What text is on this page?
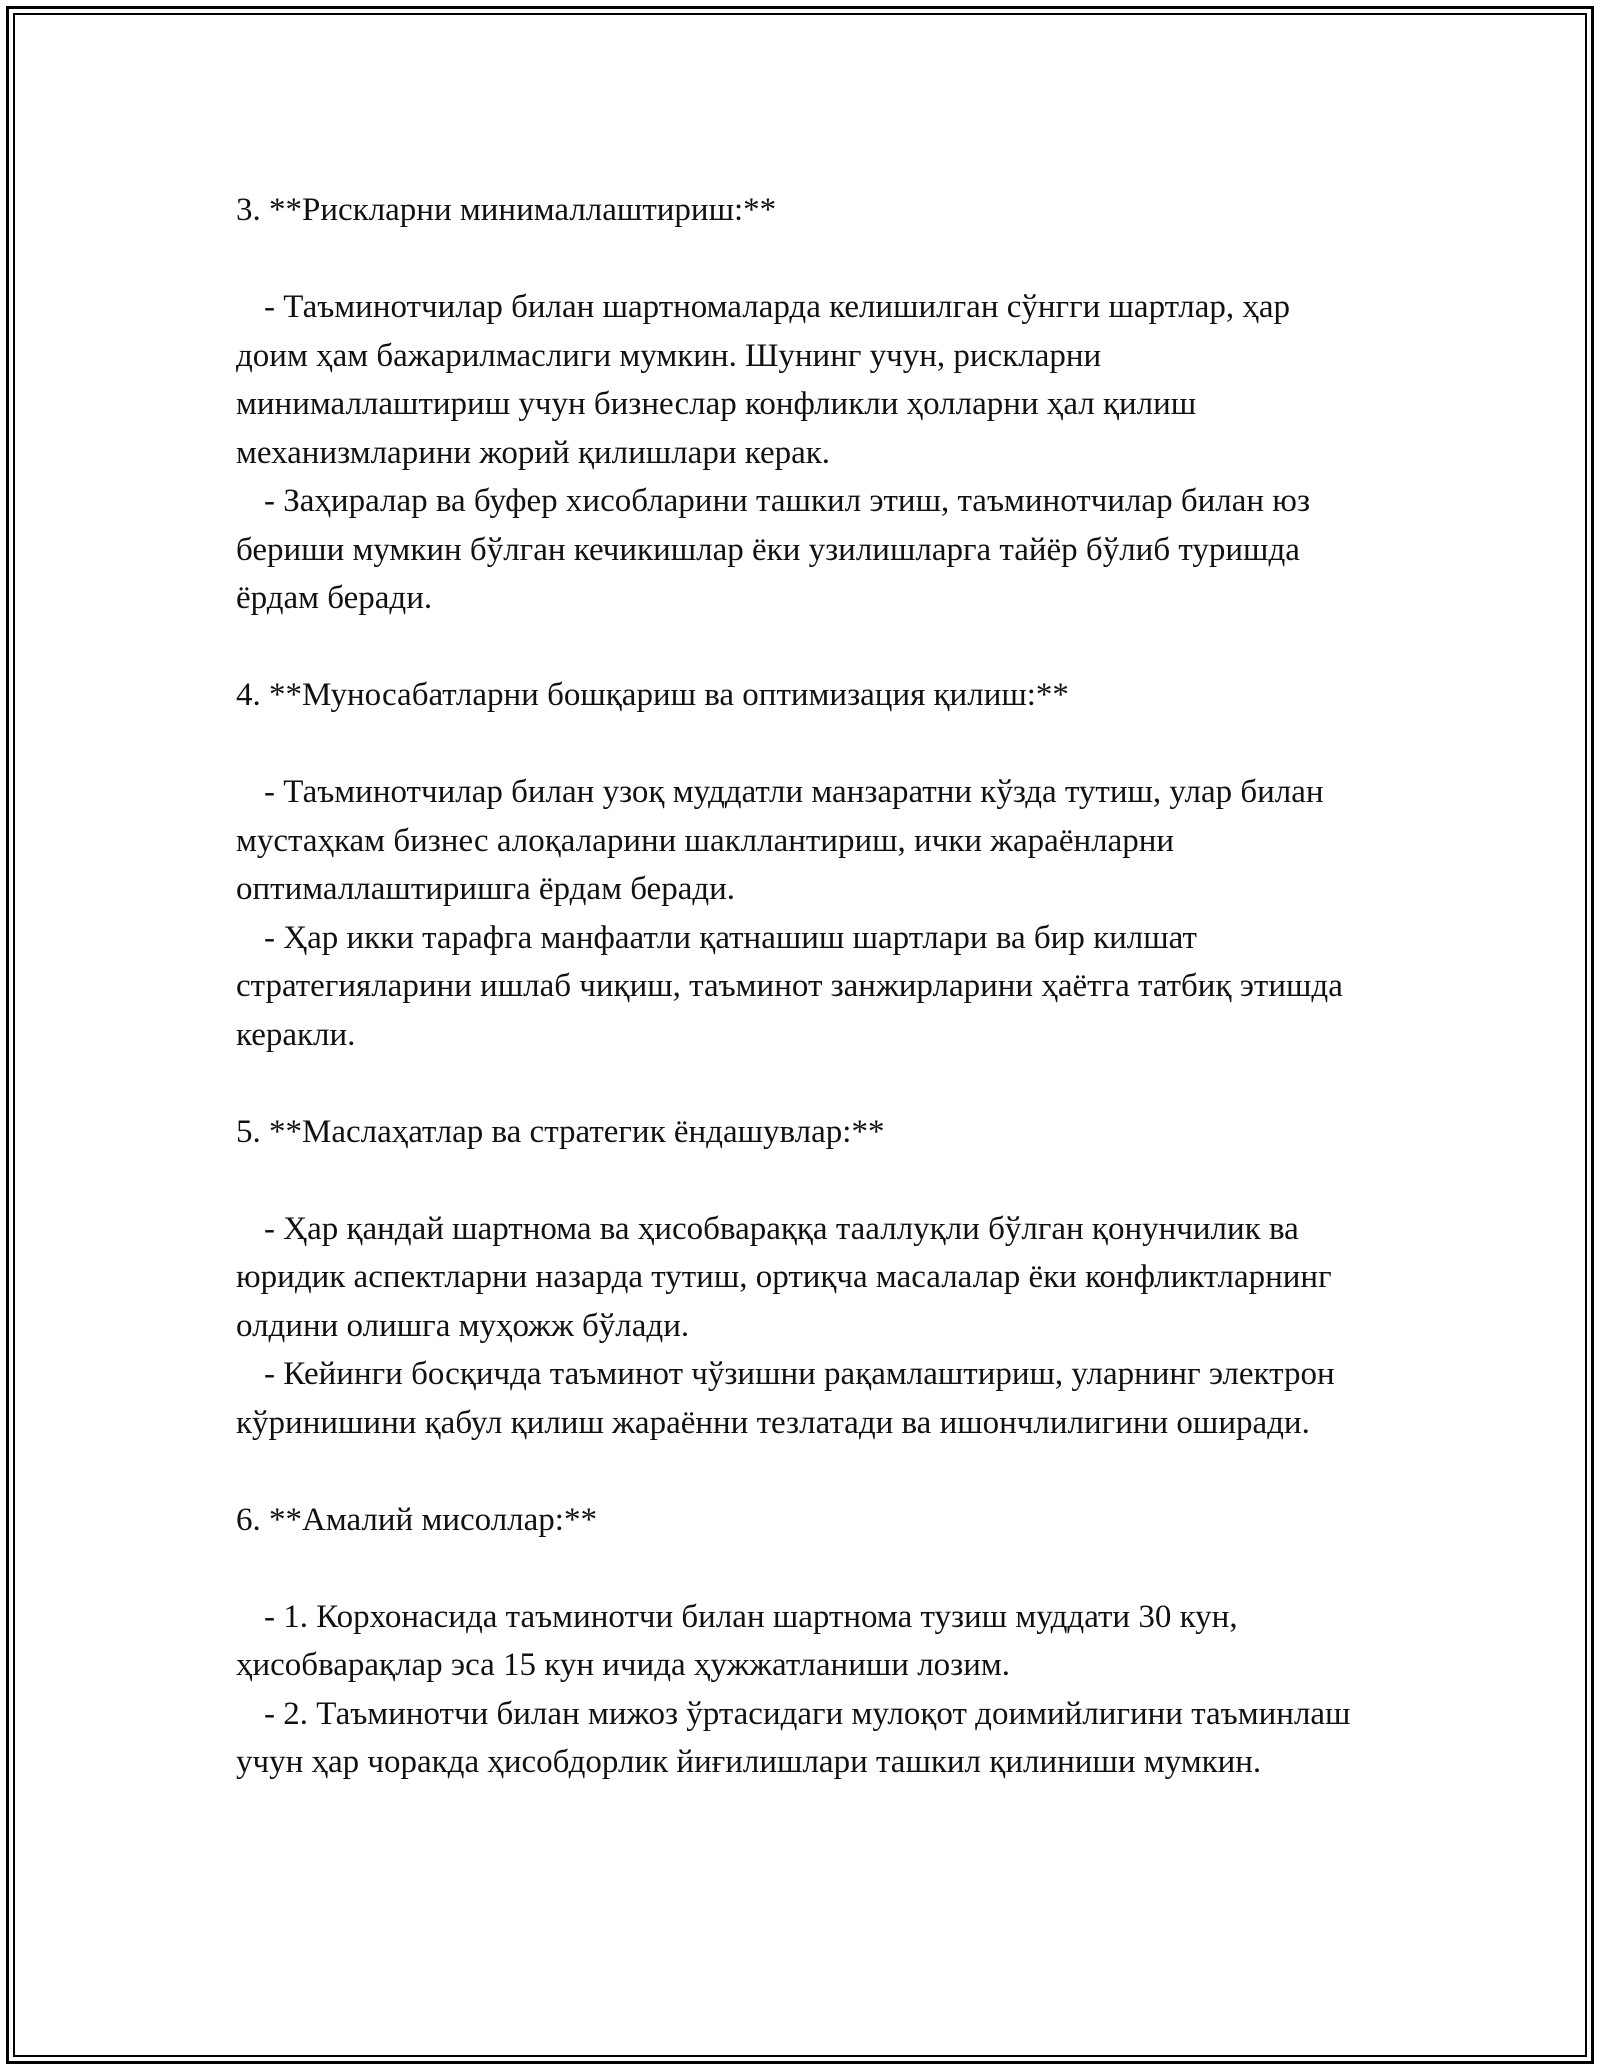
3. **Рискларни минималлаштириш:**

- Таъминотчилар билан шартномаларда келишилган сўнгги шартлар, ҳар доим ҳам бажарилмаслиги мумкин. Шунинг учун, рискларни минималлаштириш учун бизнеслар конфликли ҳолларни ҳал қилиш механизмларини жорий қилишлари керак.

- Заҳиралар ва буфер хисобларини ташкил этиш, таъминотчилар билан юз бериши мумкин бўлган кечикишлар ёки узилишларга тайёр бўлиб туришда ёрдам беради.

4. **Муносабатларни бошқариш ва оптимизация қилиш:**

- Таъминотчилар билан узоқ муддатли манзаратни кўзда тутиш, улар билан мустаҳкам бизнес алоқаларини шакллантириш, ички жараёнларни оптималлаштиришга ёрдам беради.

- Ҳар икки тарафга манфаатли қатнашиш шартлари ва бир килшат стратегияларини ишлаб чиқиш, таъминот занжирларини ҳаётга татбиқ этишда керакли.

5. **Маслаҳатлар ва стратегик ёндашувлар:**

- Ҳар қандай шартнома ва ҳисобвараққа тааллуқли бўлган қонунчилик ва юридик аспектларни назарда тутиш, ортиқча масалалар ёки конфликтларнинг олдини олишга муҳожж бўлади.

- Кейинги босқичда таъминот чўзишни рақамлаштириш, уларнинг электрон кўринишини қабул қилиш жараённи тезлатади ва ишончлилигини оширади.

6. **Амалий мисоллар:**

- 1. Корхонасида таъминотчи билан шартнома тузиш муддати 30 кун, ҳисобварақлар эса 15 кун ичида ҳужжатланиши лозим.

- 2. Таъминотчи билан мижоз ўртасидаги мулоқот доимийлигини таъминлаш учун ҳар чоракда ҳисобдорлик йиғилишлари ташкил қилиниши мумкин.
